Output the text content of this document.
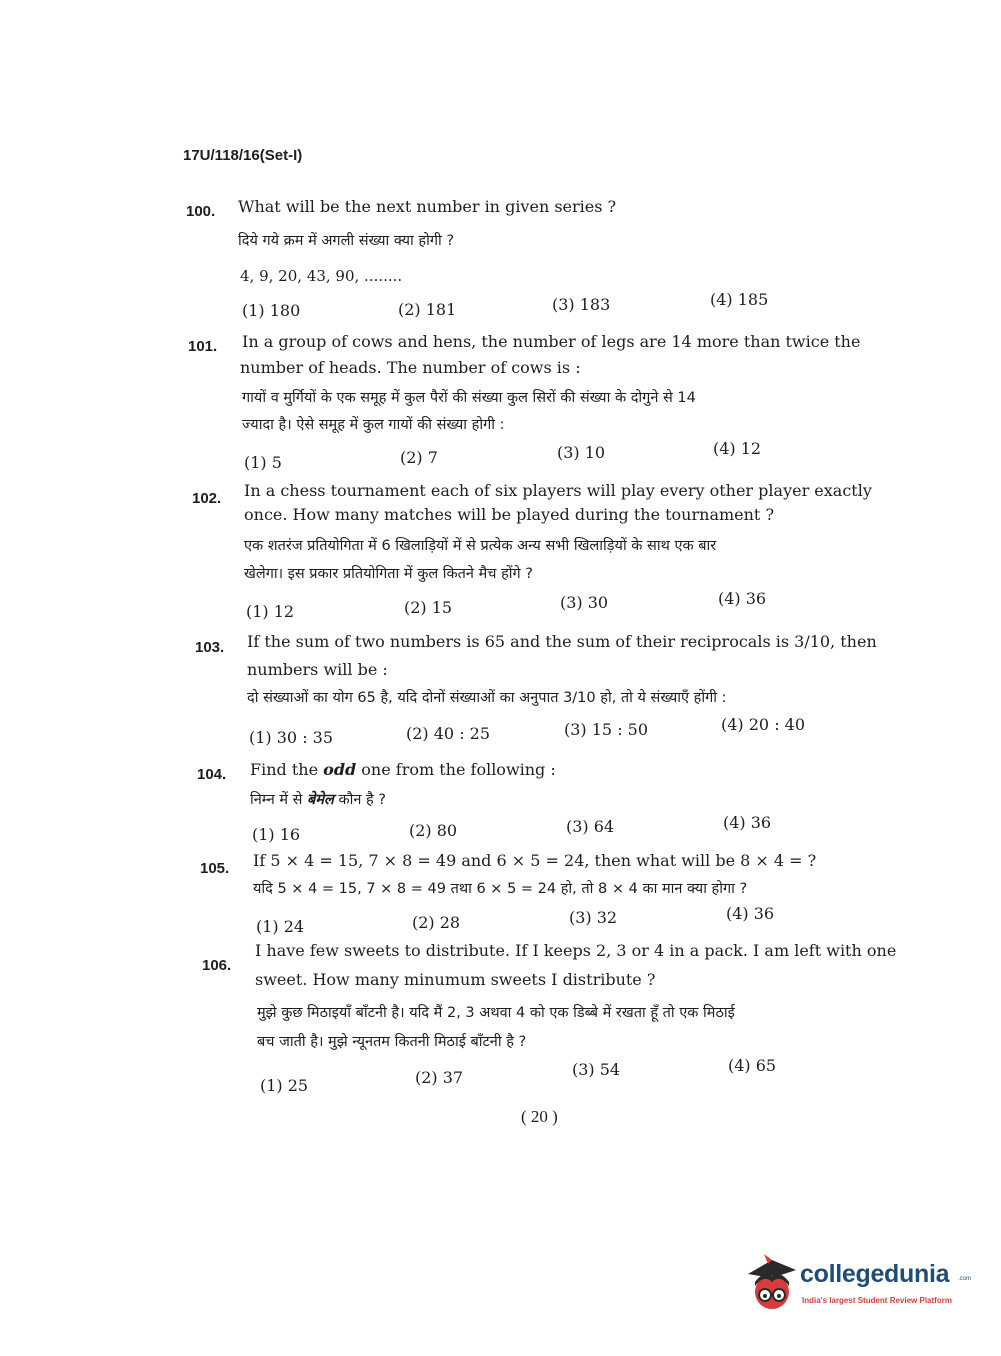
17U/118/16(Set-I)
100. What will be the next number in given series ?
दिये गये क्रम में अगली संख्या क्या होगी ?
4, 9, 20, 43, 90, ........
(1) 180	(2) 181	(3) 183	(4) 185
101. In a group of cows and hens, the number of legs are 14 more than twice the
number of heads. The number of cows is :
गायों व मुर्गियों के एक समूह में कुल पैरों की संख्या कुल सिरों की संख्या के दोगुने से 14
ज्यादा है। ऐसे समूह में कुल गायों की संख्या होगी :
(1) 5	(2) 7	(3) 10	(4) 12
102. In a chess tournament each of six players will play every other player exactly
once. How many matches will be played during the tournament ?
एक शतरंज प्रतियोगिता में 6 खिलाड़ियों में से प्रत्येक अन्य सभी खिलाड़ियों के साथ एक बार
खेलेगा। इस प्रकार प्रतियोगिता में कुल कितने मैच होंगे ?
(1) 12	(2) 15	(3) 30	(4) 36
103. If the sum of two numbers is 65 and the sum of their reciprocals is 3/10, then
numbers will be :
दो संख्याओं का योग 65 है, यदि दोनों संख्याओं का अनुपात 3/10 हो, तो ये संख्याएँ होंगी :
(1) 30 : 35	(2) 40 : 25	(3) 15 : 50	(4) 20 : 40
104. Find the odd one from the following :
निम्न में से बेमेल कौन है ?
(1) 16	(2) 80	(3) 64	(4) 36
105. If 5 × 4 = 15, 7 × 8 = 49 and 6 × 5 = 24, then what will be 8 × 4 = ?
यदि 5 × 4 = 15, 7 × 8 = 49 तथा 6 × 5 = 24 हो, तो 8 × 4 का मान क्या होगा ?
(1) 24	(2) 28	(3) 32	(4) 36
106.
I have few sweets to distribute. If I keeps 2, 3 or 4 in a pack. I am left with one
sweet. How many minumum sweets I distribute ?
मुझे कुछ मिठाइयाँ बाँटनी है। यदि मैं 2, 3 अथवा 4 को एक डिब्बे में रखता हूँ तो एक मिठाई
बच जाती है। मुझे न्यूनतम कितनी मिठाई बाँटनी है ?
(1) 25	(2) 37	(3) 54	(4) 65
( 20 )
collegedunia .com
India's largest Student Review Platform
